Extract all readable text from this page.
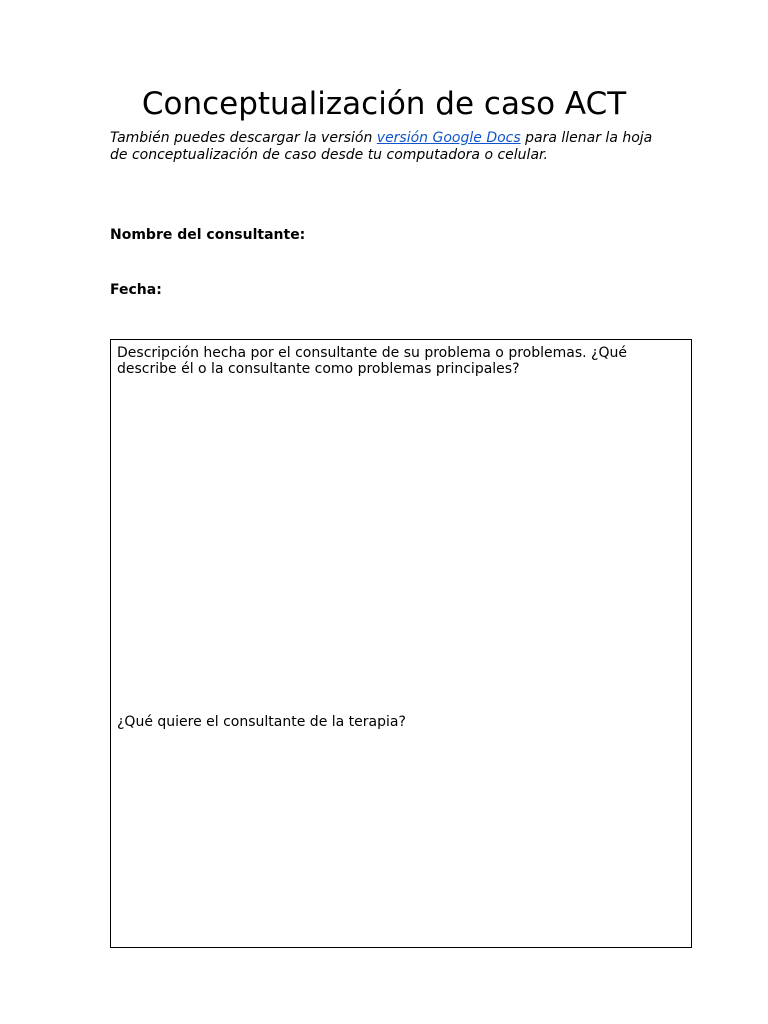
Conceptualización de caso ACT

También puedes descargar la versión versión Google Docs para llenar la hoja de conceptualización de caso desde tu computadora o celular.

Nombre del consultante:

Fecha:

Descripción hecha por el consultante de su problema o problemas. ¿Qué describe él o la consultante como problemas principales?

¿Qué quiere el consultante de la terapia?
